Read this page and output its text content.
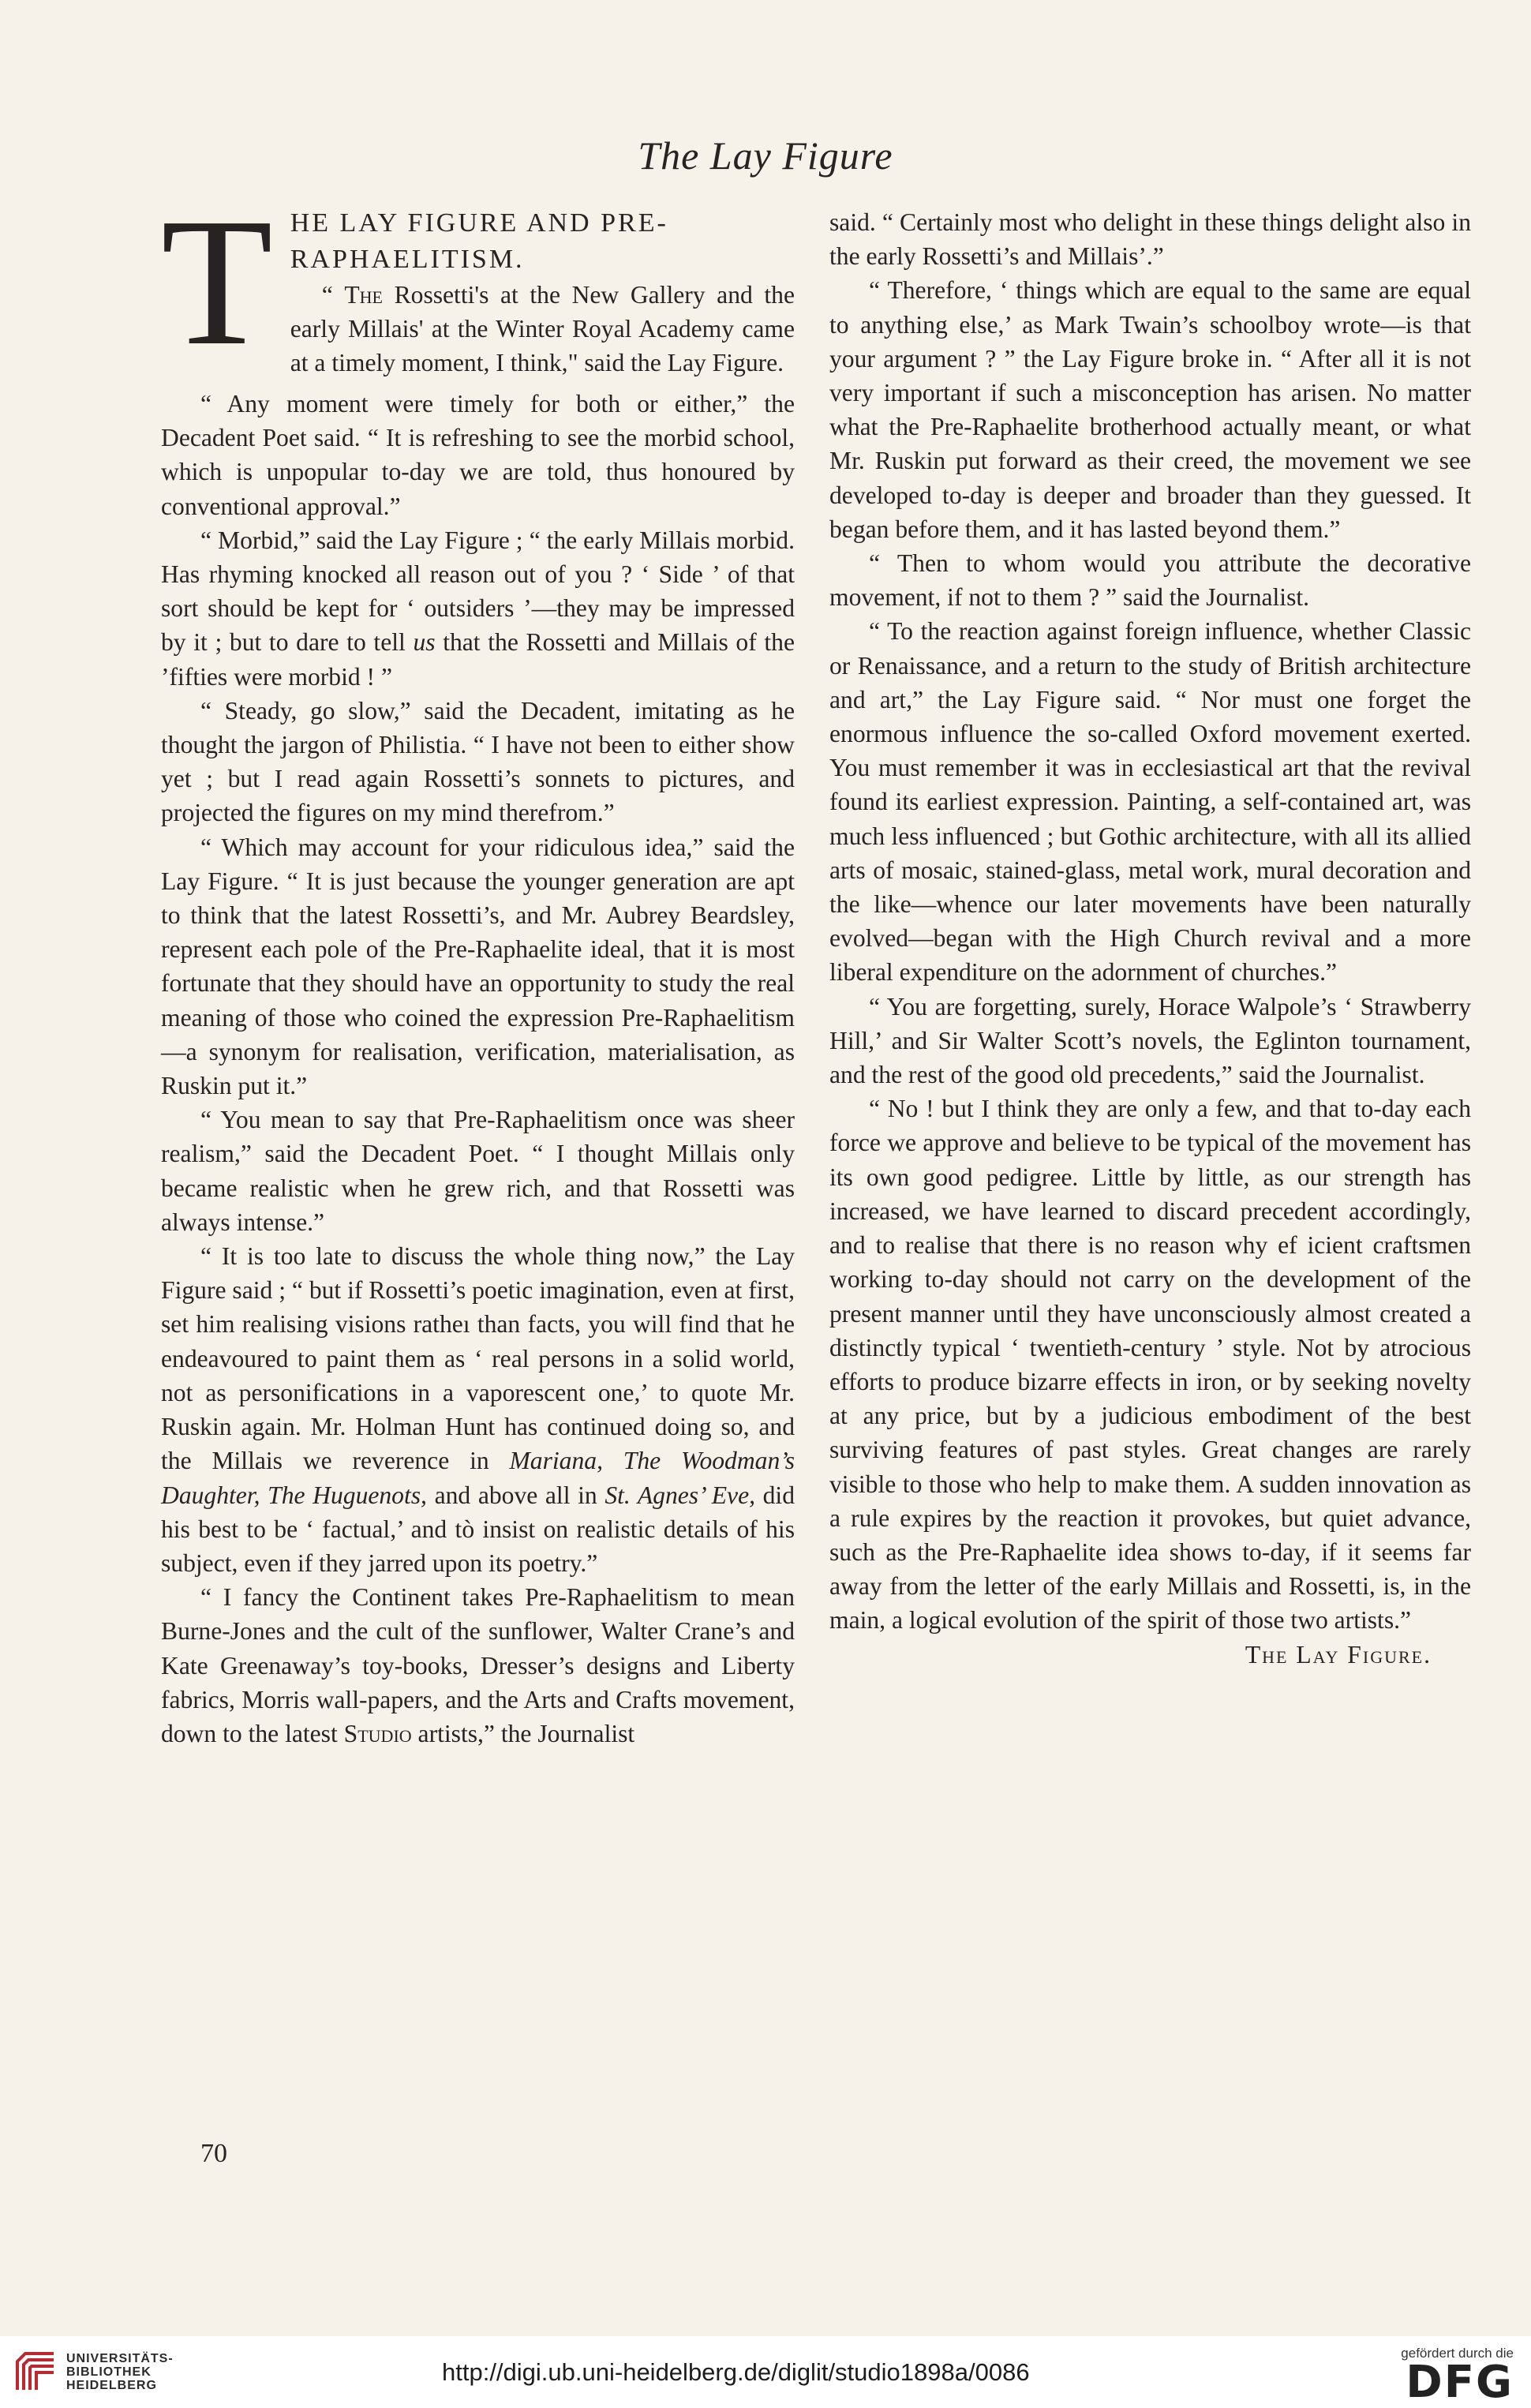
The Lay Figure
T HE LAY FIGURE AND PRE-RAPHAELITISM.

“ The Rossetti's at the New Gallery and the early Millais' at the Winter Royal Academy came at a timely moment, I think," said the Lay Figure.

“ Any moment were timely for both or either,” the Decadent Poet said. “ It is refreshing to see the morbid school, which is unpopular to-day we are told, thus honoured by conventional approval.”

“ Morbid,” said the Lay Figure ; “ the early Millais morbid. Has rhyming knocked all reason out of you ? ‘ Side ’ of that sort should be kept for ‘ outsiders ’—they may be impressed by it ; but to dare to tell us that the Rossetti and Millais of the ’fifties were morbid ! ”

“ Steady, go slow,” said the Decadent, imitating as he thought the jargon of Philistia. “ I have not been to either show yet ; but I read again Rossetti’s sonnets to pictures, and projected the figures on my mind therefrom.”

“ Which may account for your ridiculous idea,” said the Lay Figure. “ It is just because the younger generation are apt to think that the latest Rossetti’s, and Mr. Aubrey Beardsley, represent each pole of the Pre-Raphaelite ideal, that it is most fortunate that they should have an opportunity to study the real meaning of those who coined the expression Pre-Raphaelitism—a synonym for realisation, verification, materialisation, as Ruskin put it.”

“ You mean to say that Pre-Raphaelitism once was sheer realism,” said the Decadent Poet. “ I thought Millais only became realistic when he grew rich, and that Rossetti was always intense.”

“ It is too late to discuss the whole thing now,” the Lay Figure said ; “ but if Rossetti’s poetic imagination, even at first, set him realising visions ratheı than facts, you will find that he endeavoured to paint them as ‘ real persons in a solid world, not as personifications in a vaporescent one,’ to quote Mr. Ruskin again. Mr. Holman Hunt has continued doing so, and the Millais we reverence in Mariana, The Woodman’s Daughter, The Huguenots, and above all in St. Agnes’ Eve, did his best to be ‘ factual,’ and tò insist on realistic details of his subject, even if they jarred upon its poetry.”

“ I fancy the Continent takes Pre-Raphaelitism to mean Burne-Jones and the cult of the sunflower, Walter Crane’s and Kate Greenaway’s toy-books, Dresser’s designs and Liberty fabrics, Morris wall-papers, and the Arts and Crafts movement, down to the latest Studio artists,” the Journalist

said. “ Certainly most who delight in these things delight also in the early Rossetti’s and Millais’.”

“ Therefore, ‘ things which are equal to the same are equal to anything else,’ as Mark Twain’s schoolboy wrote—is that your argument ? ” the Lay Figure broke in. “ After all it is not very important if such a misconception has arisen. No matter what the Pre-Raphaelite brotherhood actually meant, or what Mr. Ruskin put forward as their creed, the movement we see developed to-day is deeper and broader than they guessed. It began before them, and it has lasted beyond them.”

“ Then to whom would you attribute the decorative movement, if not to them ? ” said the Journalist.

“ To the reaction against foreign influence, whether Classic or Renaissance, and a return to the study of British architecture and art,” the Lay Figure said. “ Nor must one forget the enormous influence the so-called Oxford movement exerted. You must remember it was in ecclesiastical art that the revival found its earliest expression. Painting, a self-contained art, was much less influenced ; but Gothic architecture, with all its allied arts of mosaic, stained-glass, metal work, mural decoration and the like—whence our later movements have been naturally evolved—began with the High Church revival and a more liberal expenditure on the adornment of churches.”

“ You are forgetting, surely, Horace Walpole’s ‘ Strawberry Hill,’ and Sir Walter Scott’s novels, the Eglinton tournament, and the rest of the good old precedents,” said the Journalist.

“ No ! but I think they are only a few, and that to-day each force we approve and believe to be typical of the movement has its own good pedigree. Little by little, as our strength has increased, we have learned to discard precedent accordingly, and to realise that there is no reason why ef icient craftsmen working to-day should not carry on the development of the present manner until they have unconsciously almost created a distinctly typical ‘ twentieth-century ’ style. Not by atrocious efforts to produce bizarre effects in iron, or by seeking novelty at any price, but by a judicious embodiment of the best surviving features of past styles. Great changes are rarely visible to those who help to make them. A sudden innovation as a rule expires by the reaction it provokes, but quiet advance, such as the Pre-Raphaelite idea shows to-day, if it seems far away from the letter of the early Millais and Rossetti, is, in the main, a logical evolution of the spirit of those two artists.”

The Lay Figure.

70
UNIVERSITÄTS-
BIBLIOTHEK
HEIDELBERG	http://digi.ub.uni-heidelberg.de/diglit/studio1898a/0086
gefördert durch die
DFG
